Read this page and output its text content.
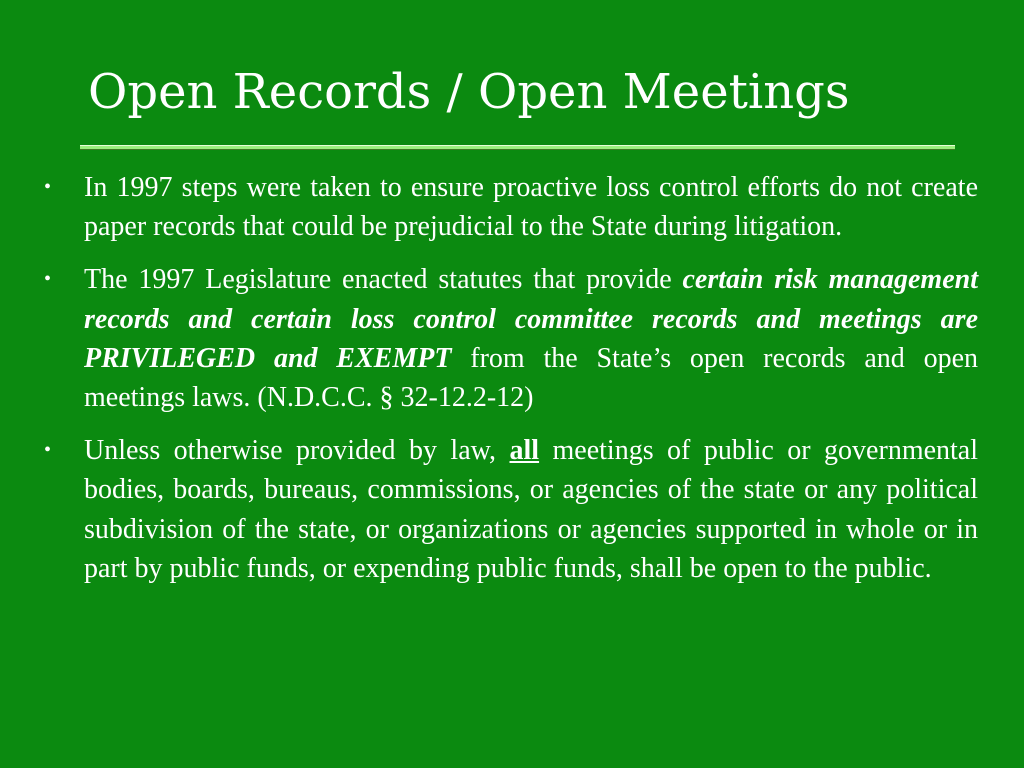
Open Records / Open Meetings
• In 1997 steps were taken to ensure proactive loss control efforts do not create paper records that could be prejudicial to the State during litigation.
• The 1997 Legislature enacted statutes that provide certain risk management records and certain loss control committee records and meetings are PRIVILEGED and EXEMPT from the State’s open records and open meetings laws. (N.D.C.C. § 32-12.2-12)
• Unless otherwise provided by law, all meetings of public or governmental bodies, boards, bureaus, commissions, or agencies of the state or any political subdivision of the state, or organizations or agencies supported in whole or in part by public funds, or expending public funds, shall be open to the public.
